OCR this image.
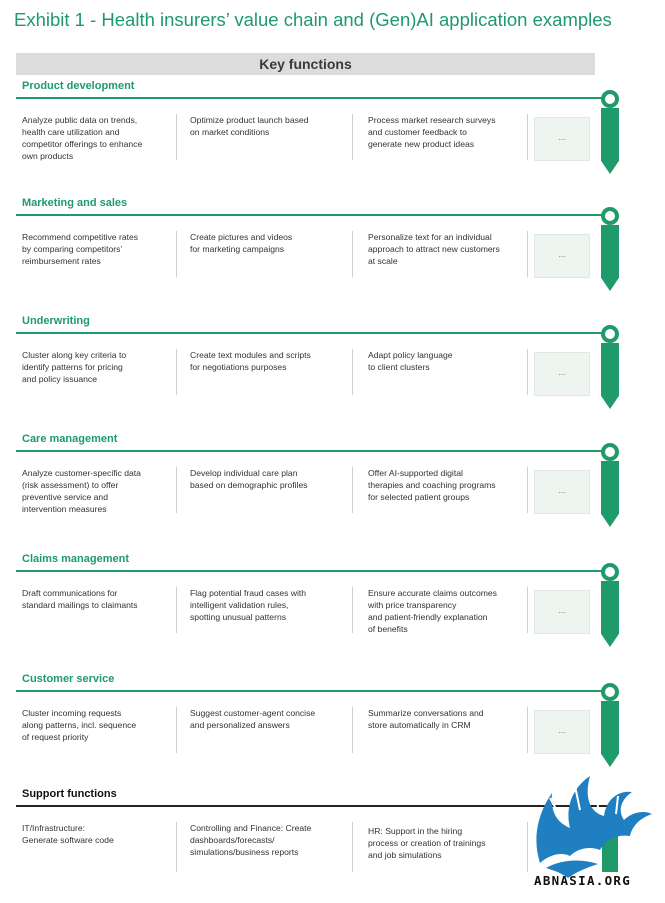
Exhibit 1 - Health insurers’ value chain and (Gen)AI application examples
Key functions
Product development
Analyze public data on trends,
health care utilization and
competitor offerings to enhance
own products
Optimize product launch based
on market conditions
Process market research surveys
and customer feedback to
generate new product ideas
...
Marketing and sales
Recommend competitive rates
by comparing competitors’
reimbursement rates
Create pictures and videos
for marketing campaigns
Personalize text for an individual
approach to attract new customers
at scale
...
Underwriting
Cluster along key criteria to
identify patterns for pricing
and policy issuance
Create text modules and scripts
for negotiations purposes
Adapt policy language
to client clusters
...
Care management
Analyze customer-specific data
(risk assessment) to offer
preventive service and
intervention measures
Develop individual care plan
based on demographic profiles
Offer AI-supported digital
therapies and coaching programs
for selected patient groups
...
Claims management
Draft communications for
standard mailings to claimants
Flag potential fraud cases with
intelligent validation rules,
spotting unusual patterns
Ensure accurate claims outcomes
with price transparency
and patient-friendly explanation
of benefits
...
Customer service
Cluster incoming requests
along patterns, incl. sequence
of request priority
Suggest customer-agent concise
and personalized answers
Summarize conversations and
store automatically in CRM
...
Support functions
IT/Infrastructure:
Generate software code
Controlling and Finance: Create
dashboards/forecasts/
simulations/business reports
HR: Support in the hiring
process or creation of trainings
and job simulations
ABNASIA.ORG
